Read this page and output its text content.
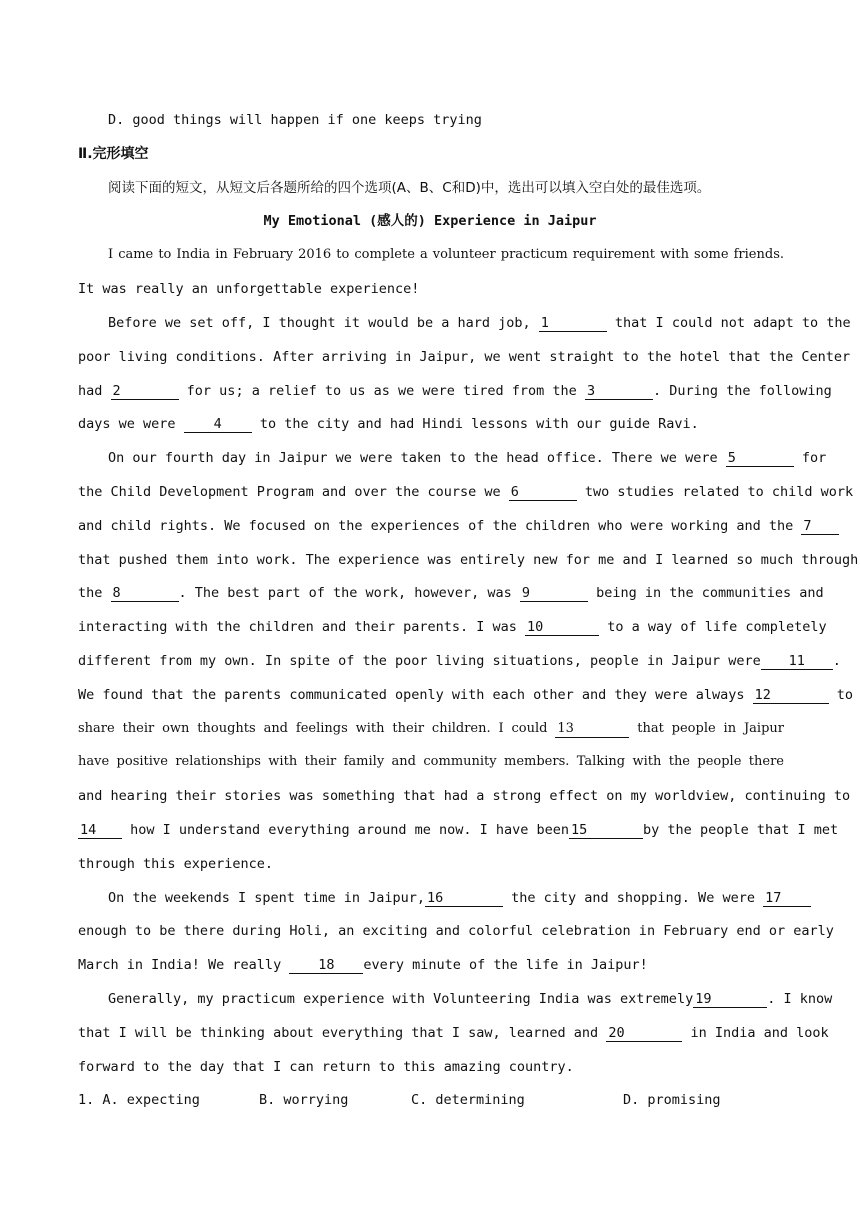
D. good things will happen if one keeps trying
Ⅱ.完形填空
阅读下面的短文，从短文后各题所给的四个选项(A、B、C和D)中，选出可以填入空白处的最佳选项。
My Emotional (感人的) Experience in Jaipur
I came to India in February 2016 to complete a volunteer practicum requirement with some friends.
It was really an unforgettable experience!
Before we set off, I thought it would be a hard job, 1	that I could not adapt to the
poor living conditions. After arriving in Jaipur, we went straight to the hotel that the Center
had 2	for us; a relief to us as we were tired from the 3	. During the following
days we were	4	to the city and had Hindi lessons with our guide Ravi.
On our fourth day in Jaipur we were taken to the head office. There we were 5	for
the Child Development Program and over the course we 6	two studies related to child work
and child rights. We focused on the experiences of the children who were working and the 7
that pushed them into work. The experience was entirely new for me and I learned so much through
the 8	. The best part of the work, however, was 9	being in the communities and
interacting with the children and their parents. I was 10	to a way of life completely
different from my own. In spite of the poor living situations, people in Jaipur were 11 .
We found that the parents communicated openly with each other and they were always 12	to
share their own thoughts and feelings with their children. I could 13	that people in Jaipur
have positive relationships with their family and community members. Talking with the people there
and hearing their stories was something that had a strong effect on my worldview, continuing to
14	how I understand everything around me now. I have been 15	by the people that I met
through this experience.
On the weekends I spent time in Jaipur, 16	the city and shopping. We were 17
enough to be there during Holi, an exciting and colorful celebration in February end or early
March in India! We really	18 every minute of the life in Jaipur!
Generally, my practicum experience with Volunteering India was extremely 19	. I know
that I will be thinking about everything that I saw, learned and 20	in India and look
forward to the day that I can return to this amazing country.
1. A. expecting	B. worrying	C. determining	D. promising
